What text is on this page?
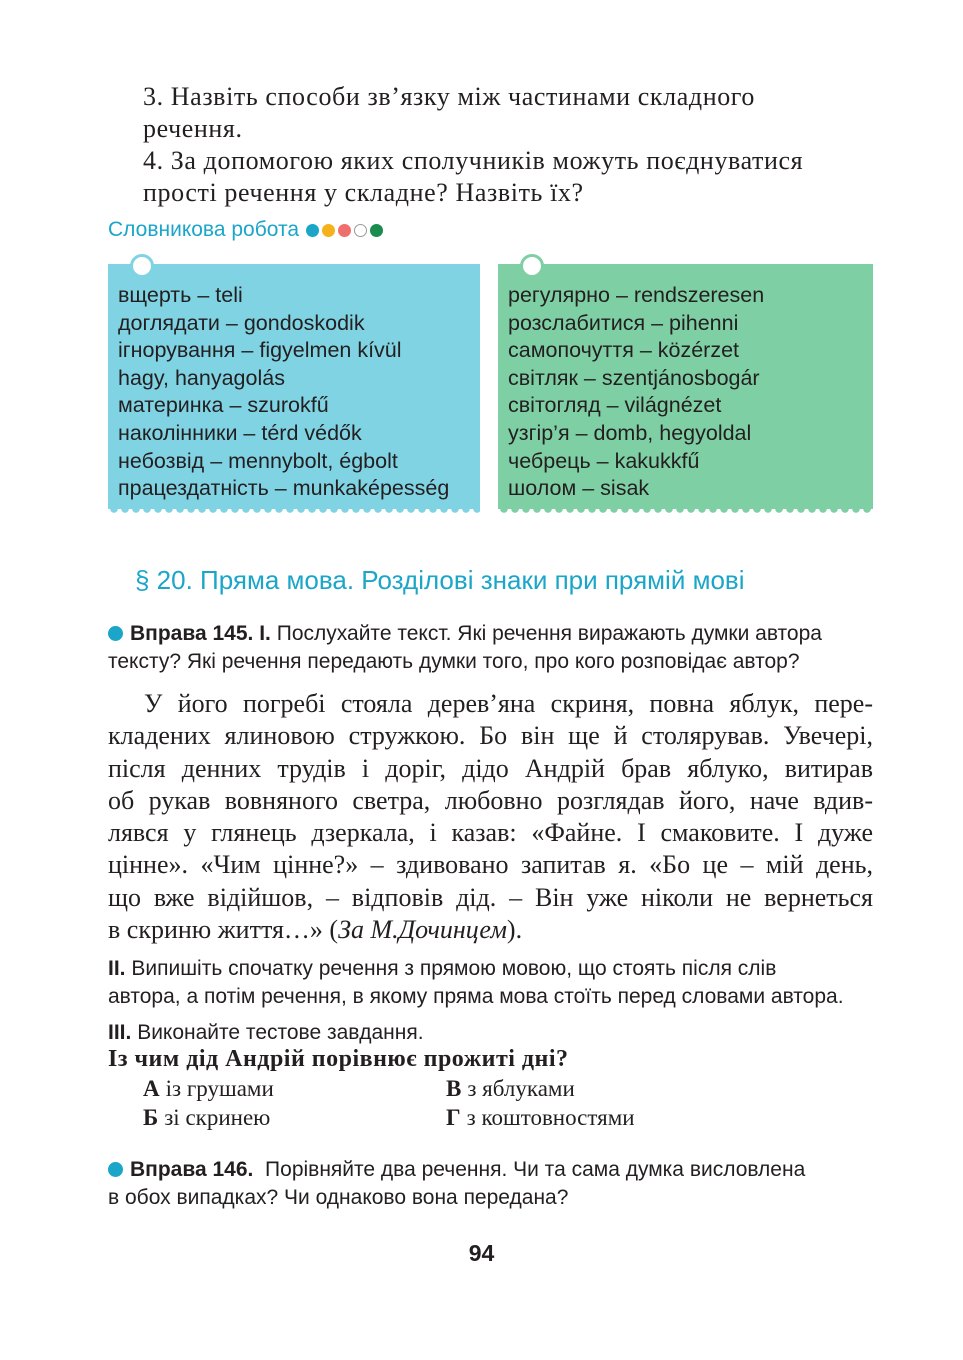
3. Назвіть способи зв’язку між частинами складного
речення.
4. За допомогою яких сполучників можуть поєднуватися
прості речення у складне? Назвіть їх?
Словникова робота
вщерть – teli
доглядати – gondoskodik
ігнорування – figyelmen kívül
hagy, hanyagolás
материнка – szurokfű
наколінники – térd védők
небозвід – mennybolt, égbolt
працездатність – munkaképesség
регулярно – rendszeresen
розслабитися – pihenni
самопочуття – közérzet
світляк – szentjánosbogár
світогляд – világnézet
узгір’я – domb, hegyoldal
чебрець – kakukkfű
шолом – sisak
§ 20. Пряма мова. Розділові знаки при прямій мові
Вправа 145. I. Послухайте текст. Які речення виражають думки автора
тексту? Які речення передають думки того, про кого розповідає автор?
У його погребі стояла дерев’яна скриня, повна яблук, пере-
кладених ялиновою стружкою. Бо він ще й столярував. Увечері,
після денних трудів і доріг, дідо Андрій брав яблуко, витирав
об рукав вовняного светра, любовно розглядав його, наче вдив-
лявся у глянець дзеркала, і казав: «Файне. І смаковите. І дуже
цінне». «Чим цінне?» – здивовано запитав я. «Бо це – мій день,
що вже відійшов, – відповів дід. – Він уже ніколи не вернеться
в скриню життя…» (За М.Дочинцем).
II. Випишіть спочатку речення з прямою мовою, що стоять після слів
автора, а потім речення, в якому пряма мова стоїть перед словами автора.
III. Виконайте тестове завдання.
Із чим дід Андрій порівнює прожиті дні?
А із грушами
Б зі скринею
В з яблуками
Г з коштовностями
Вправа 146. Порівняйте два речення. Чи та сама думка висловлена
в обох випадках? Чи однаково вона передана?
94
